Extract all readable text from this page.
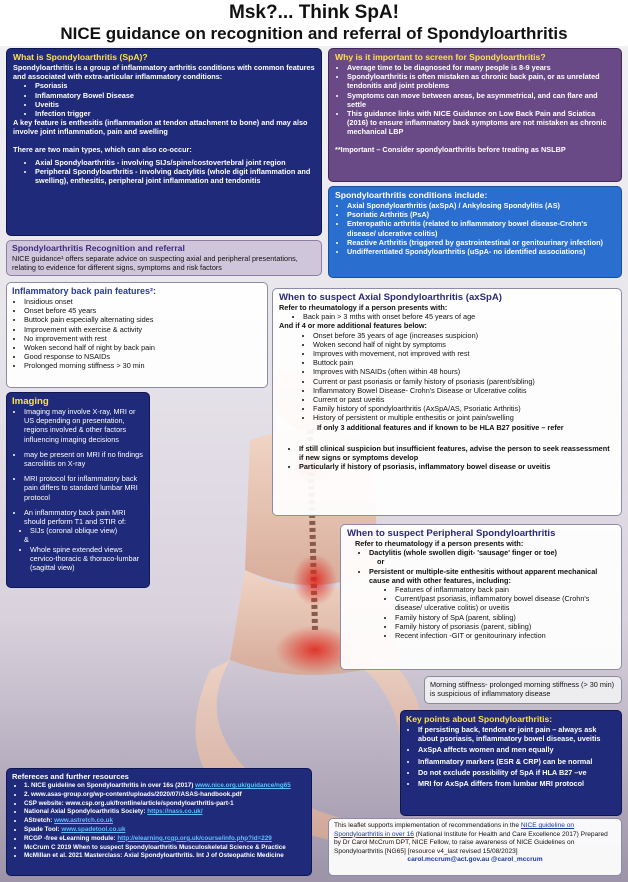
Msk?... Think SpA!
NICE guidance on recognition and referral of Spondyloarthritis
What is Spondyloarthritis (SpA)?
Spondyloarthritis is a group of inflammatory arthritis conditions with common features and associated with extra-articular inflammatory conditions:
• Psoriasis
• Inflammatory Bowel Disease
• Uveitis
• Infection trigger
A key feature is enthesitis (inflammation at tendon attachment to bone) and may also involve joint inflammation, pain and swelling
There are two main types, which can also co-occur:
• Axial Spondyloarthritis - involving SIJs/spine/costovertebral joint region
• Peripheral Spondyloarthritis - involving dactylitis (whole digit inflammation and swelling), enthesitis, peripheral joint inflammation and tendonitis
Why is it important to screen for Spondyloarthritis?
• Average time to be diagnosed for many people is 8-9 years
• Spondyloarthritis is often mistaken as chronic back pain, or as unrelated tendonitis and joint problems
• Symptoms can move between areas, be asymmetrical, and can flare and settle
• This guidance links with NICE Guidance on Low Back Pain and Sciatica (2016) to ensure inflammatory back symptoms are not mistaken as chronic mechanical LBP
**Important – Consider spondyloarthritis before treating as NSLBP
Spondyloarthritis Recognition and referral
NICE guidance¹ offers separate advice on suspecting axial and peripheral presentations, relating to evidence for different signs, symptoms and risk factors
Spondyloarthritis conditions include:
• Axial Spondyloarthritis (axSpA) / Ankylosing Spondylitis (AS)
• Psoriatic Arthritis (PsA)
• Enteropathic arthritis (related to inflammatory bowel disease-Crohn's disease/ ulcerative colitis)
• Reactive Arthritis (triggered by gastrointestinal or genitourinary infection)
• Undifferentiated Spondyloarthritis (uSpA- no identified associations)
Inflammatory back pain features²:
• Insidious onset
• Onset before 45 years
• Buttock pain especially alternating sides
• Improvement with exercise & activity
• No improvement with rest
• Woken second half of night by back pain
• Good response to NSAIDs
• Prolonged morning stiffness > 30 min
When to suspect Axial Spondyloarthritis (axSpA)
Refer to rheumatology if a person presents with:
• Back pain > 3 mths with onset before 45 years of age
And if 4 or more additional features below:
• Onset before 35 years of age (increases suspicion)
• Woken second half of night by symptoms
• Improves with movement, not improved with rest
• Buttock pain
• Improves with NSAIDs (often within 48 hours)
• Current or past psoriasis or family history of psoriasis (parent/sibling)
• Inflammatory Bowel Disease- Crohn's Disease or Ulcerative colitis
• Current or past uveitis
• Family history of spondyloarthritis (AxSpA/AS, Psoriatic Arthritis)
• History of persistent or multiple enthesitis or joint pain/swelling
If only 3 additional features and if known to be HLA B27 positive – refer
• If still clinical suspicion but insufficient features, advise the person to seek reassessment if new signs or symptoms develop
• Particularly if history of psoriasis, inflammatory bowel disease or uveitis
Imaging
• Imaging may involve X-ray, MRI or US depending on presentation, regions involved & other factors influencing imaging decisions
• may be present on MRI if no findings sacroiliitis on X-ray
• MRI protocol for inflammatory back pain differs to standard lumbar MRI protocol
• An inflammatory back pain MRI should perform T1 and STIR of:
• SIJs (coronal oblique view)
&
• Whole spine extended views cervico-thoracic & thoraco-lumbar (sagittal view)
When to suspect Peripheral Spondyloarthritis
Refer to rheumatology if a person presents with:
• Dactylitis (whole swollen digit- 'sausage' finger or toe)
or
• Persistent or multiple-site enthesitis without apparent mechanical cause and with other features, including:
• Features of inflammatory back pain
• Current/past psoriasis, inflammatory bowel disease (Crohn's disease/ ulcerative colitis) or uveitis
• Family history of SpA (parent, sibling)
• Family history of psoriasis (parent, sibling)
• Recent infection -GIT or genitourinary infection
Morning stiffness- prolonged morning stiffness (> 30 min) is suspicious of inflammatory disease
Key points about Spondyloarthritis:
• If persisting back, tendon or joint pain – always ask about psoriasis, inflammatory bowel disease, uveitis
• AxSpA affects women and men equally
• Inflammatory markers (ESR & CRP) can be normal
• Do not exclude possibility of SpA if HLA B27 –ve
• MRI for AxSpA differs from lumbar MRI protocol
Refereces and further resources
• 1. NICE guideline on Spondyloarthritis in over 16s (2017) www.nice.org.uk/guidance/ng65
• 2. www.asas-group.org/wp-content/uploads/2020/07/ASAS-handbook.pdf
• CSP website: www.csp.org.uk/frontline/article/spondyloarthritis-part-1
• National Axial Spondyloarthritis Society: https://nass.co.uk/
• AStretch: www.astretch.co.uk
• Spade Tool: www.spadetool.co.uk
• RCGP -free eLearning module: http://elearning.rcgp.org.uk/course/info.php?id=229
• McCrum C 2019 When to suspect Spondyloarthritis Musculoskeletal Science & Practice
• McMillan et al. 2021 Masterclass: Axial Spondyloarthritis. Int J of Osteopathic Medicine
This leaflet supports implementation of recommendations in the NICE guideline on Spondyloarthritis in over 16 (National Institute for Health and Care Excellence 2017) Prepared by Dr Carol McCrum DPT, NICE Fellow, to raise awareness of NICE Guidelines on Spondyloarthritis [NG65] [resource v4_last revised 15/08/2023]
carol.mccrum@act.gov.au @carol_mccrum
